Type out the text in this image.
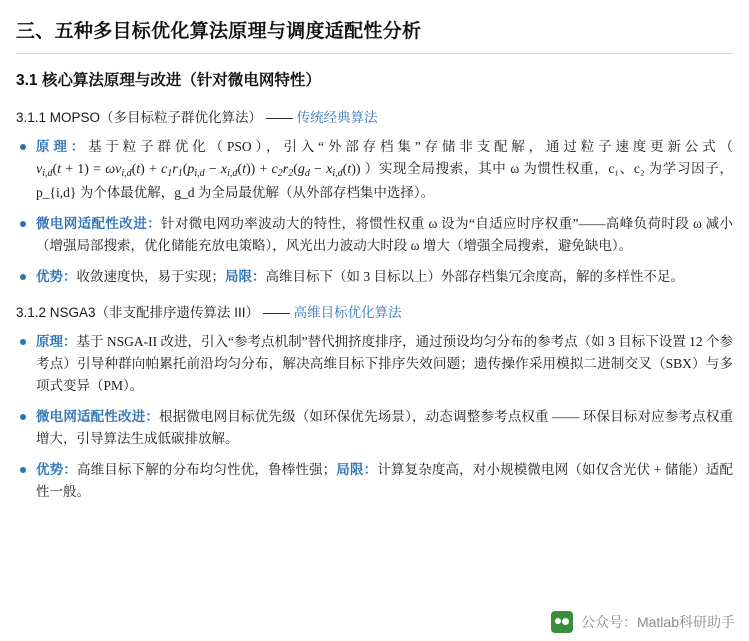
三、五种多目标优化算法原理与调度适配性分析
3.1 核心算法原理与改进（针对微电网特性）
3.1.1 MOPSO（多目标粒子群优化算法） —— 传统经典算法
原理：基于粒子群优化（PSO），引入“外部存档集”存储非支配解，通过粒子速度更新公式（ $v_{i,d}(t + 1) = \omega v_{i,d}(t) + c_1r_1(p_{i,d} - x_{i,d}(t)) + c_2r_2(g_d - x_{i,d}(t))$ ）实现全局搜索，其中 ω 为惯性权重，c₁、c₂ 为学习因子，p_{i,d} 为个体最优解，g_d 为全局最优解（从外部存档集中选择）。
微电网适配性改进：针对微电网功率波动大的特性，将惯性权重 ω 设为“自适应时序权重”——高峰负荷时段 ω 减小（增强局部搜索，优化储能充放电策略），风光出力波动大时段 ω 增大（增强全局搜索，避免缺电）。
优势：收敛速度快，易于实现；局限：高维目标下（如 3 目标以上）外部存档集冗余度高，解的多样性不足。
3.1.2 NSGA3（非支配排序遗传算法 III） —— 高维目标优化算法
原理：基于 NSGA-II 改进，引入“参考点机制”替代拥挤度排序，通过预设均匀分布的参考点（如 3 目标下设置 12 个参考点）引导种群向帕累托前沿均匀分布，解决高维目标下排序失效问题；遗传操作采用模拟二进制交叉（SBX）与多项式变异（PM）。
微电网适配性改进：根据微电网目标优先级（如环保优先场景），动态调整参考点权重 —— 环保目标对应参考点权重增大，引导算法生成低碳排放解。
优势：高维目标下解的分布均匀性优，鲁棒性强；局限：计算复杂度高，对小规模微电网（如仅含光伏 + 储能）适配性一般。
公众号：Matlab科研助手
